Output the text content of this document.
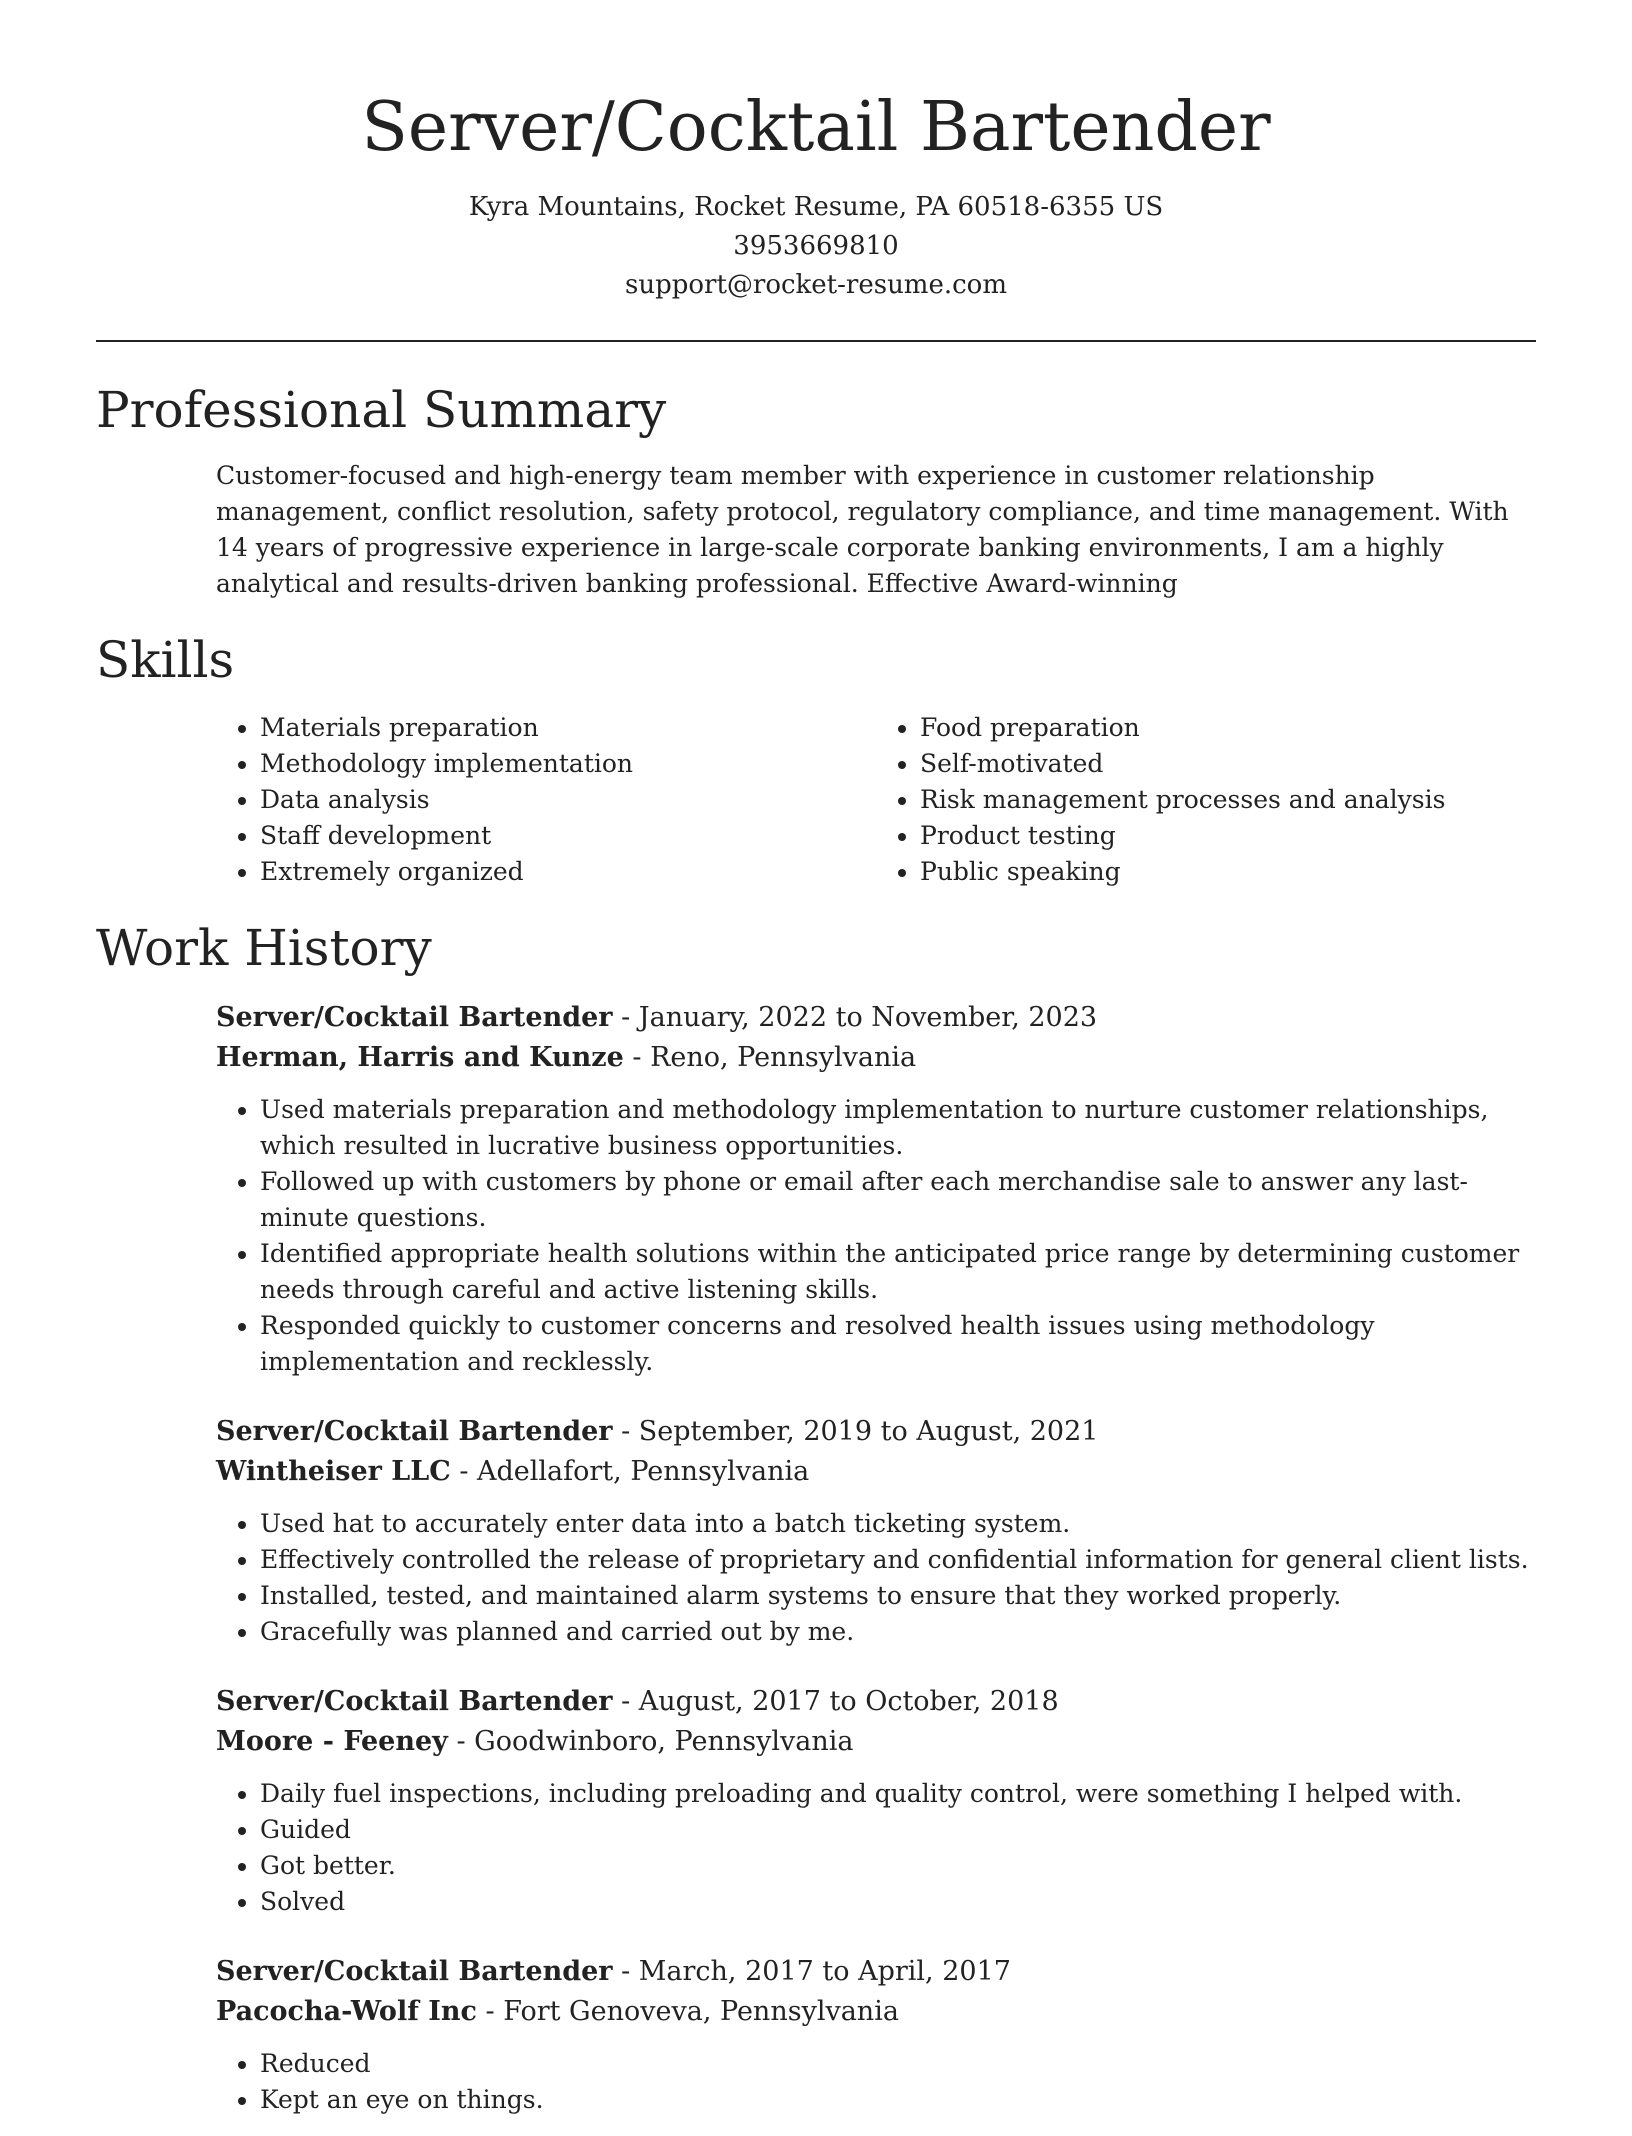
Server/Cocktail Bartender
Kyra Mountains, Rocket Resume, PA 60518-6355 US
3953669810
support@rocket-resume.com
Professional Summary

Customer-focused and high-energy team member with experience in customer relationship management, conflict resolution, safety protocol, regulatory compliance, and time management. With 14 years of progressive experience in large-scale corporate banking environments, I am a highly analytical and results-driven banking professional. Effective Award-winning

Skills
• Materials preparation
• Methodology implementation
• Data analysis
• Staff development
• Extremely organized
• Food preparation
• Self-motivated
• Risk management processes and analysis
• Product testing
• Public speaking
Work History
Server/Cocktail Bartender - January, 2022 to November, 2023
Herman, Harris and Kunze - Reno, Pennsylvania
• Used materials preparation and methodology implementation to nurture customer relationships, which resulted in lucrative business opportunities.
• Followed up with customers by phone or email after each merchandise sale to answer any last-minute questions.
• Identified appropriate health solutions within the anticipated price range by determining customer needs through careful and active listening skills.
• Responded quickly to customer concerns and resolved health issues using methodology implementation and recklessly.
Server/Cocktail Bartender - September, 2019 to August, 2021
Wintheiser LLC - Adellafort, Pennsylvania
• Used hat to accurately enter data into a batch ticketing system.
• Effectively controlled the release of proprietary and confidential information for general client lists.
• Installed, tested, and maintained alarm systems to ensure that they worked properly.
• Gracefully was planned and carried out by me.
Server/Cocktail Bartender - August, 2017 to October, 2018
Moore - Feeney - Goodwinboro, Pennsylvania
• Daily fuel inspections, including preloading and quality control, were something I helped with.
• Guided
• Got better.
• Solved
Server/Cocktail Bartender - March, 2017 to April, 2017
Pacocha-Wolf Inc - Fort Genoveva, Pennsylvania
• Reduced
• Kept an eye on things.
